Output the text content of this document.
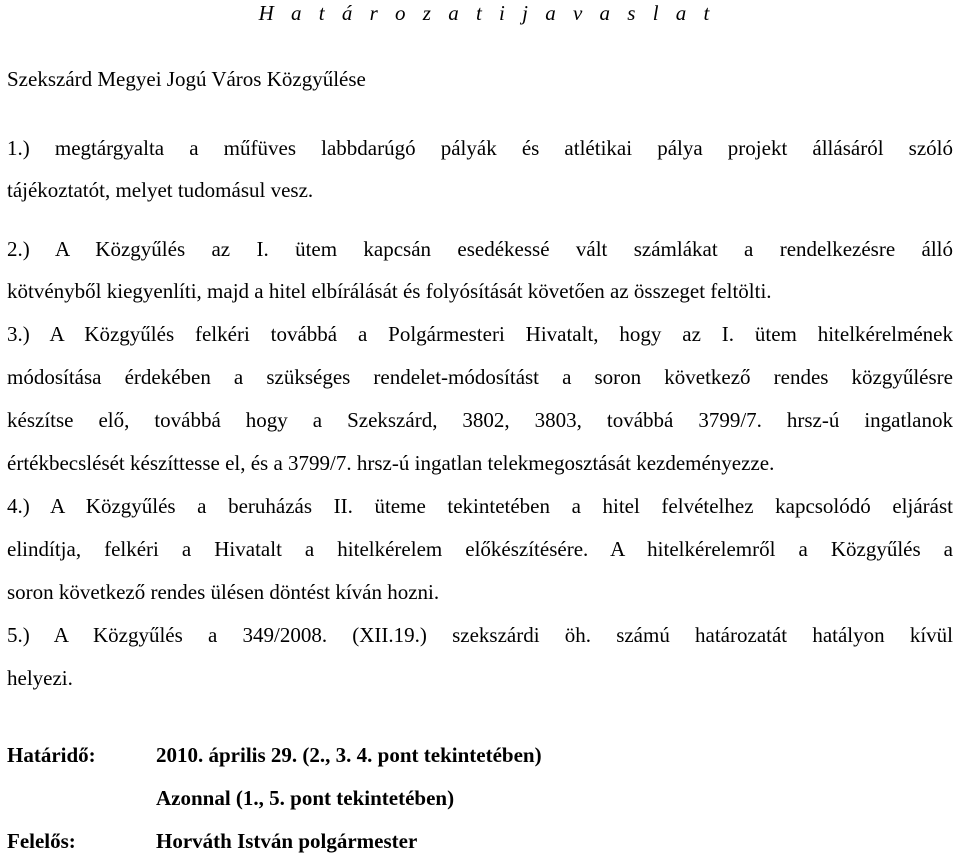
H a t á r o z a t i j a v a s l a t
Szekszárd Megyei Jogú Város Közgyűlése
1.) megtárgyalta a műfüves labbdarúgó pályák és atlétikai pálya projekt állásáról szóló
tájékoztatót, melyet tudomásul vesz.
2.) A Közgyűlés az I. ütem kapcsán esedékessé vált számlákat a rendelkezésre álló
kötvényből kiegyenlíti, majd a hitel elbírálását és folyósítását követően az összeget feltölti.
3.) A Közgyűlés felkéri továbbá a Polgármesteri Hivatalt, hogy az I. ütem hitelkérelmének
módosítása érdekében a szükséges rendelet-módosítást a soron következő rendes közgyűlésre
készítse elő, továbbá hogy a Szekszárd, 3802, 3803, továbbá 3799/7. hrsz-ú ingatlanok
értékbecslését készíttesse el, és a 3799/7. hrsz-ú ingatlan telekmegosztását kezdeményezze.
4.) A Közgyűlés a beruházás II. üteme tekintetében a hitel felvételhez kapcsolódó eljárást
elindítja, felkéri a Hivatalt a hitelkérelem előkészítésére. A hitelkérelemről a Közgyűlés a
soron következő rendes ülésen döntést kíván hozni.
5.) A Közgyűlés a 349/2008. (XII.19.) szekszárdi öh. számú határozatát hatályon kívül
helyezi.
Határidő:	2010. április 29. (2., 3. 4. pont tekintetében)
Azonnal (1., 5. pont tekintetében)
Felelős:	Horváth István polgármester
